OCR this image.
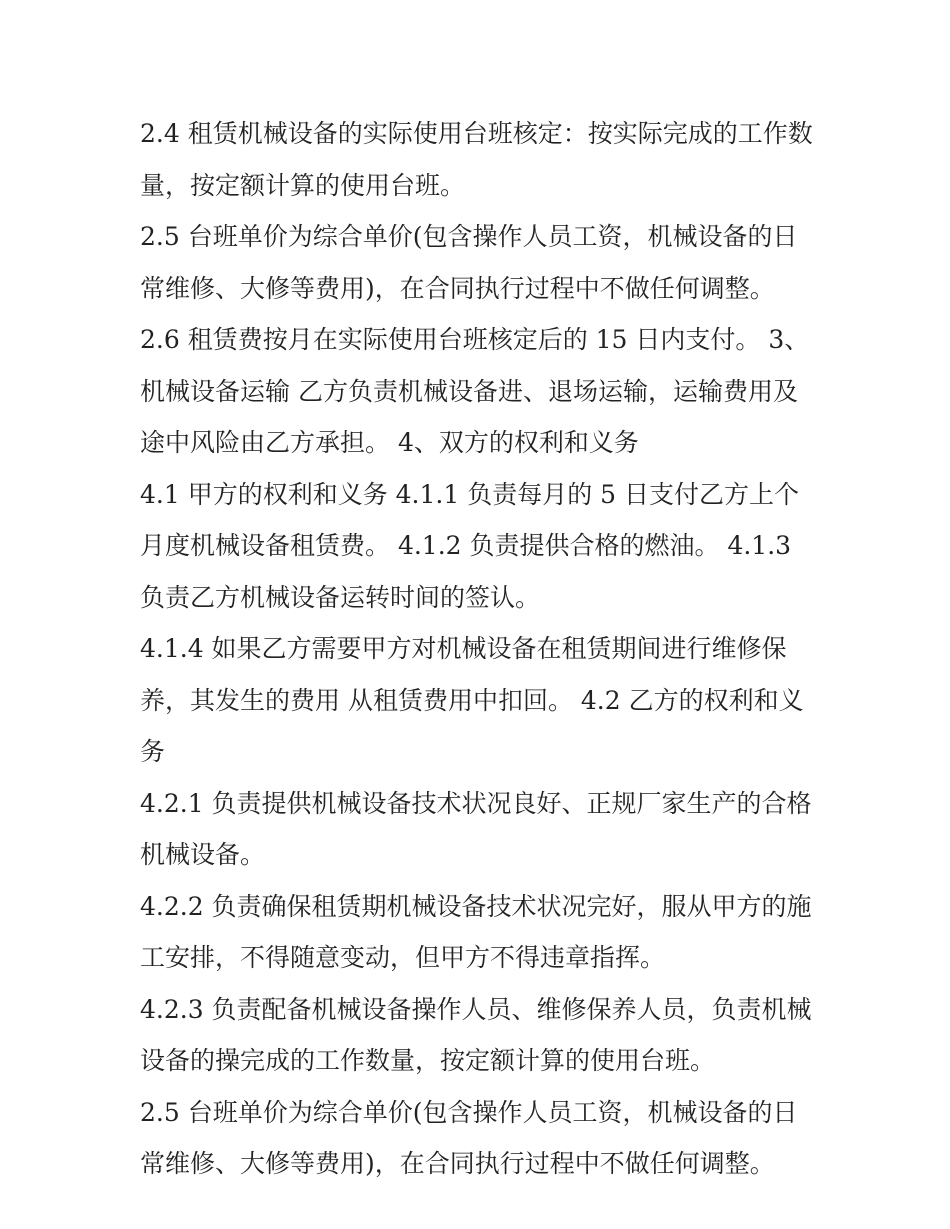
2.4 租赁机械设备的实际使用台班核定：按实际完成的工作数量，按定额计算的使用台班。

2.5 台班单价为综合单价(包含操作人员工资，机械设备的日常维修、大修等费用)，在合同执行过程中不做任何调整。

2.6 租赁费按月在实际使用台班核定后的 15 日内支付。 3、机械设备运输 乙方负责机械设备进、退场运输，运输费用及途中风险由乙方承担。 4、双方的权利和义务

4.1 甲方的权利和义务 4.1.1 负责每月的 5 日支付乙方上个月度机械设备租赁费。 4.1.2 负责提供合格的燃油。 4.1.3 负责乙方机械设备运转时间的签认。

4.1.4 如果乙方需要甲方对机械设备在租赁期间进行维修保养，其发生的费用 从租赁费用中扣回。 4.2 乙方的权利和义务

4.2.1 负责提供机械设备技术状况良好、正规厂家生产的合格机械设备。

4.2.2 负责确保租赁期机械设备技术状况完好，服从甲方的施工安排，不得随意变动，但甲方不得违章指挥。

4.2.3 负责配备机械设备操作人员、维修保养人员，负责机械设备的操完成的工作数量，按定额计算的使用台班。

2.5 台班单价为综合单价(包含操作人员工资，机械设备的日常维修、大修等费用)，在合同执行过程中不做任何调整。
